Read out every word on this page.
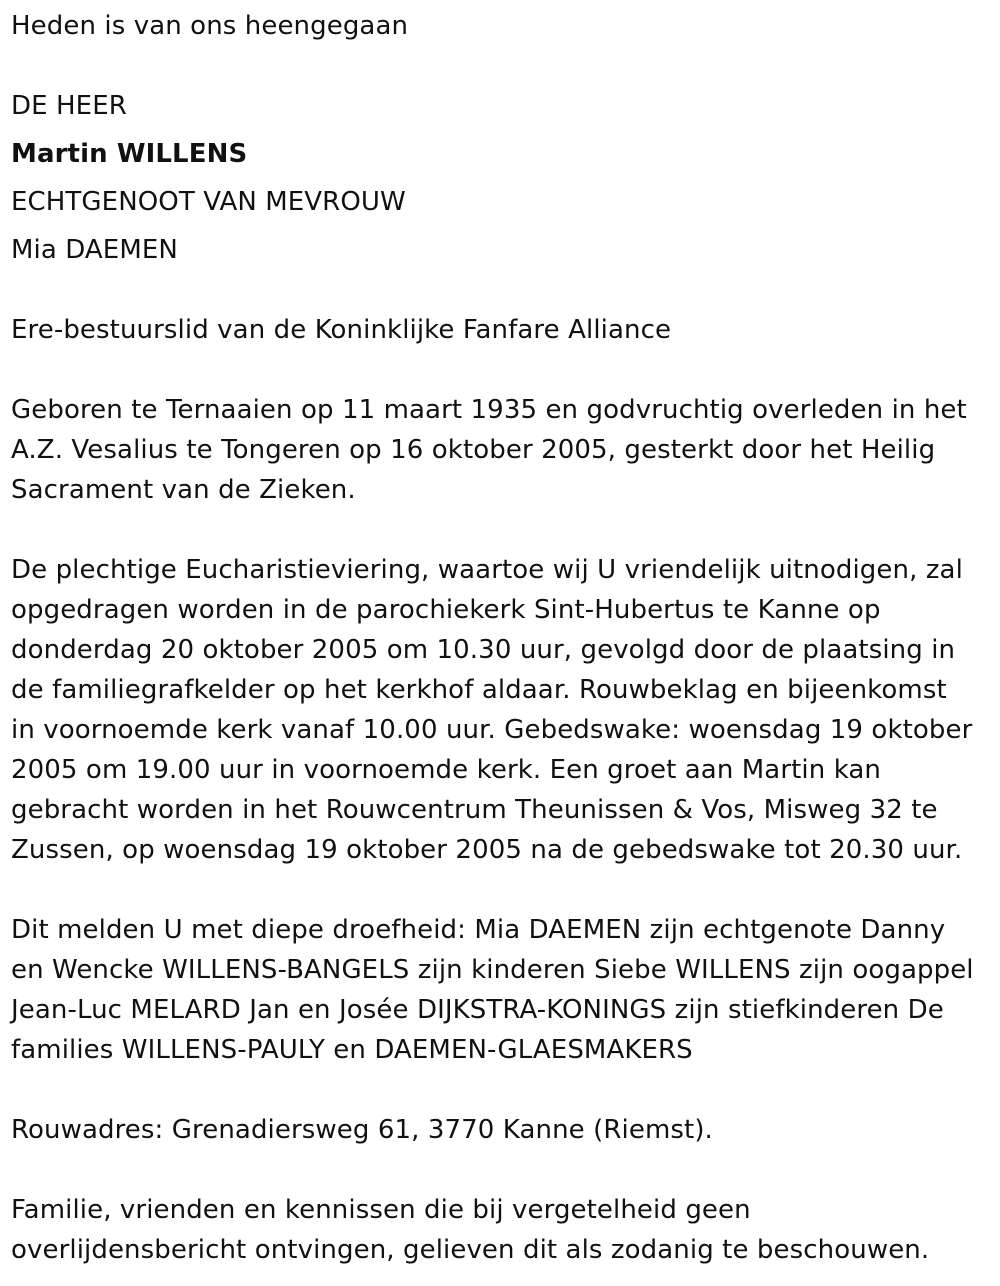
Heden is van ons heengegaan
DE HEER
Martin WILLENS
ECHTGENOOT VAN MEVROUW
Mia DAEMEN

Ere-bestuurslid van de Koninklijke Fanfare Alliance

Geboren te Ternaaien op 11 maart 1935 en godvruchtig overleden in het
A.Z. Vesalius te Tongeren op 16 oktober 2005, gesterkt door het Heilig
Sacrament van de Zieken.

De plechtige Eucharistieviering, waartoe wij U vriendelijk uitnodigen, zal
opgedragen worden in de parochiekerk Sint-Hubertus te Kanne op
donderdag 20 oktober 2005 om 10.30 uur, gevolgd door de plaatsing in
de familiegrafkelder op het kerkhof aldaar. Rouwbeklag en bijeenkomst
in voornoemde kerk vanaf 10.00 uur. Gebedswake: woensdag 19 oktober
2005 om 19.00 uur in voornoemde kerk. Een groet aan Martin kan
gebracht worden in het Rouwcentrum Theunissen & Vos, Misweg 32 te
Zussen, op woensdag 19 oktober 2005 na de gebedswake tot 20.30 uur.

Dit melden U met diepe droefheid: Mia DAEMEN zijn echtgenote Danny
en Wencke WILLENS-BANGELS zijn kinderen Siebe WILLENS zijn oogappel
Jean-Luc MELARD Jan en Josée DIJKSTRA-KONINGS zijn stiefkinderen De
families WILLENS-PAULY en DAEMEN-GLAESMAKERS

Rouwadres: Grenadiersweg 61, 3770 Kanne (Riemst).

Familie, vrienden en kennissen die bij vergetelheid geen
overlijdensbericht ontvingen, gelieven dit als zodanig te beschouwen.
